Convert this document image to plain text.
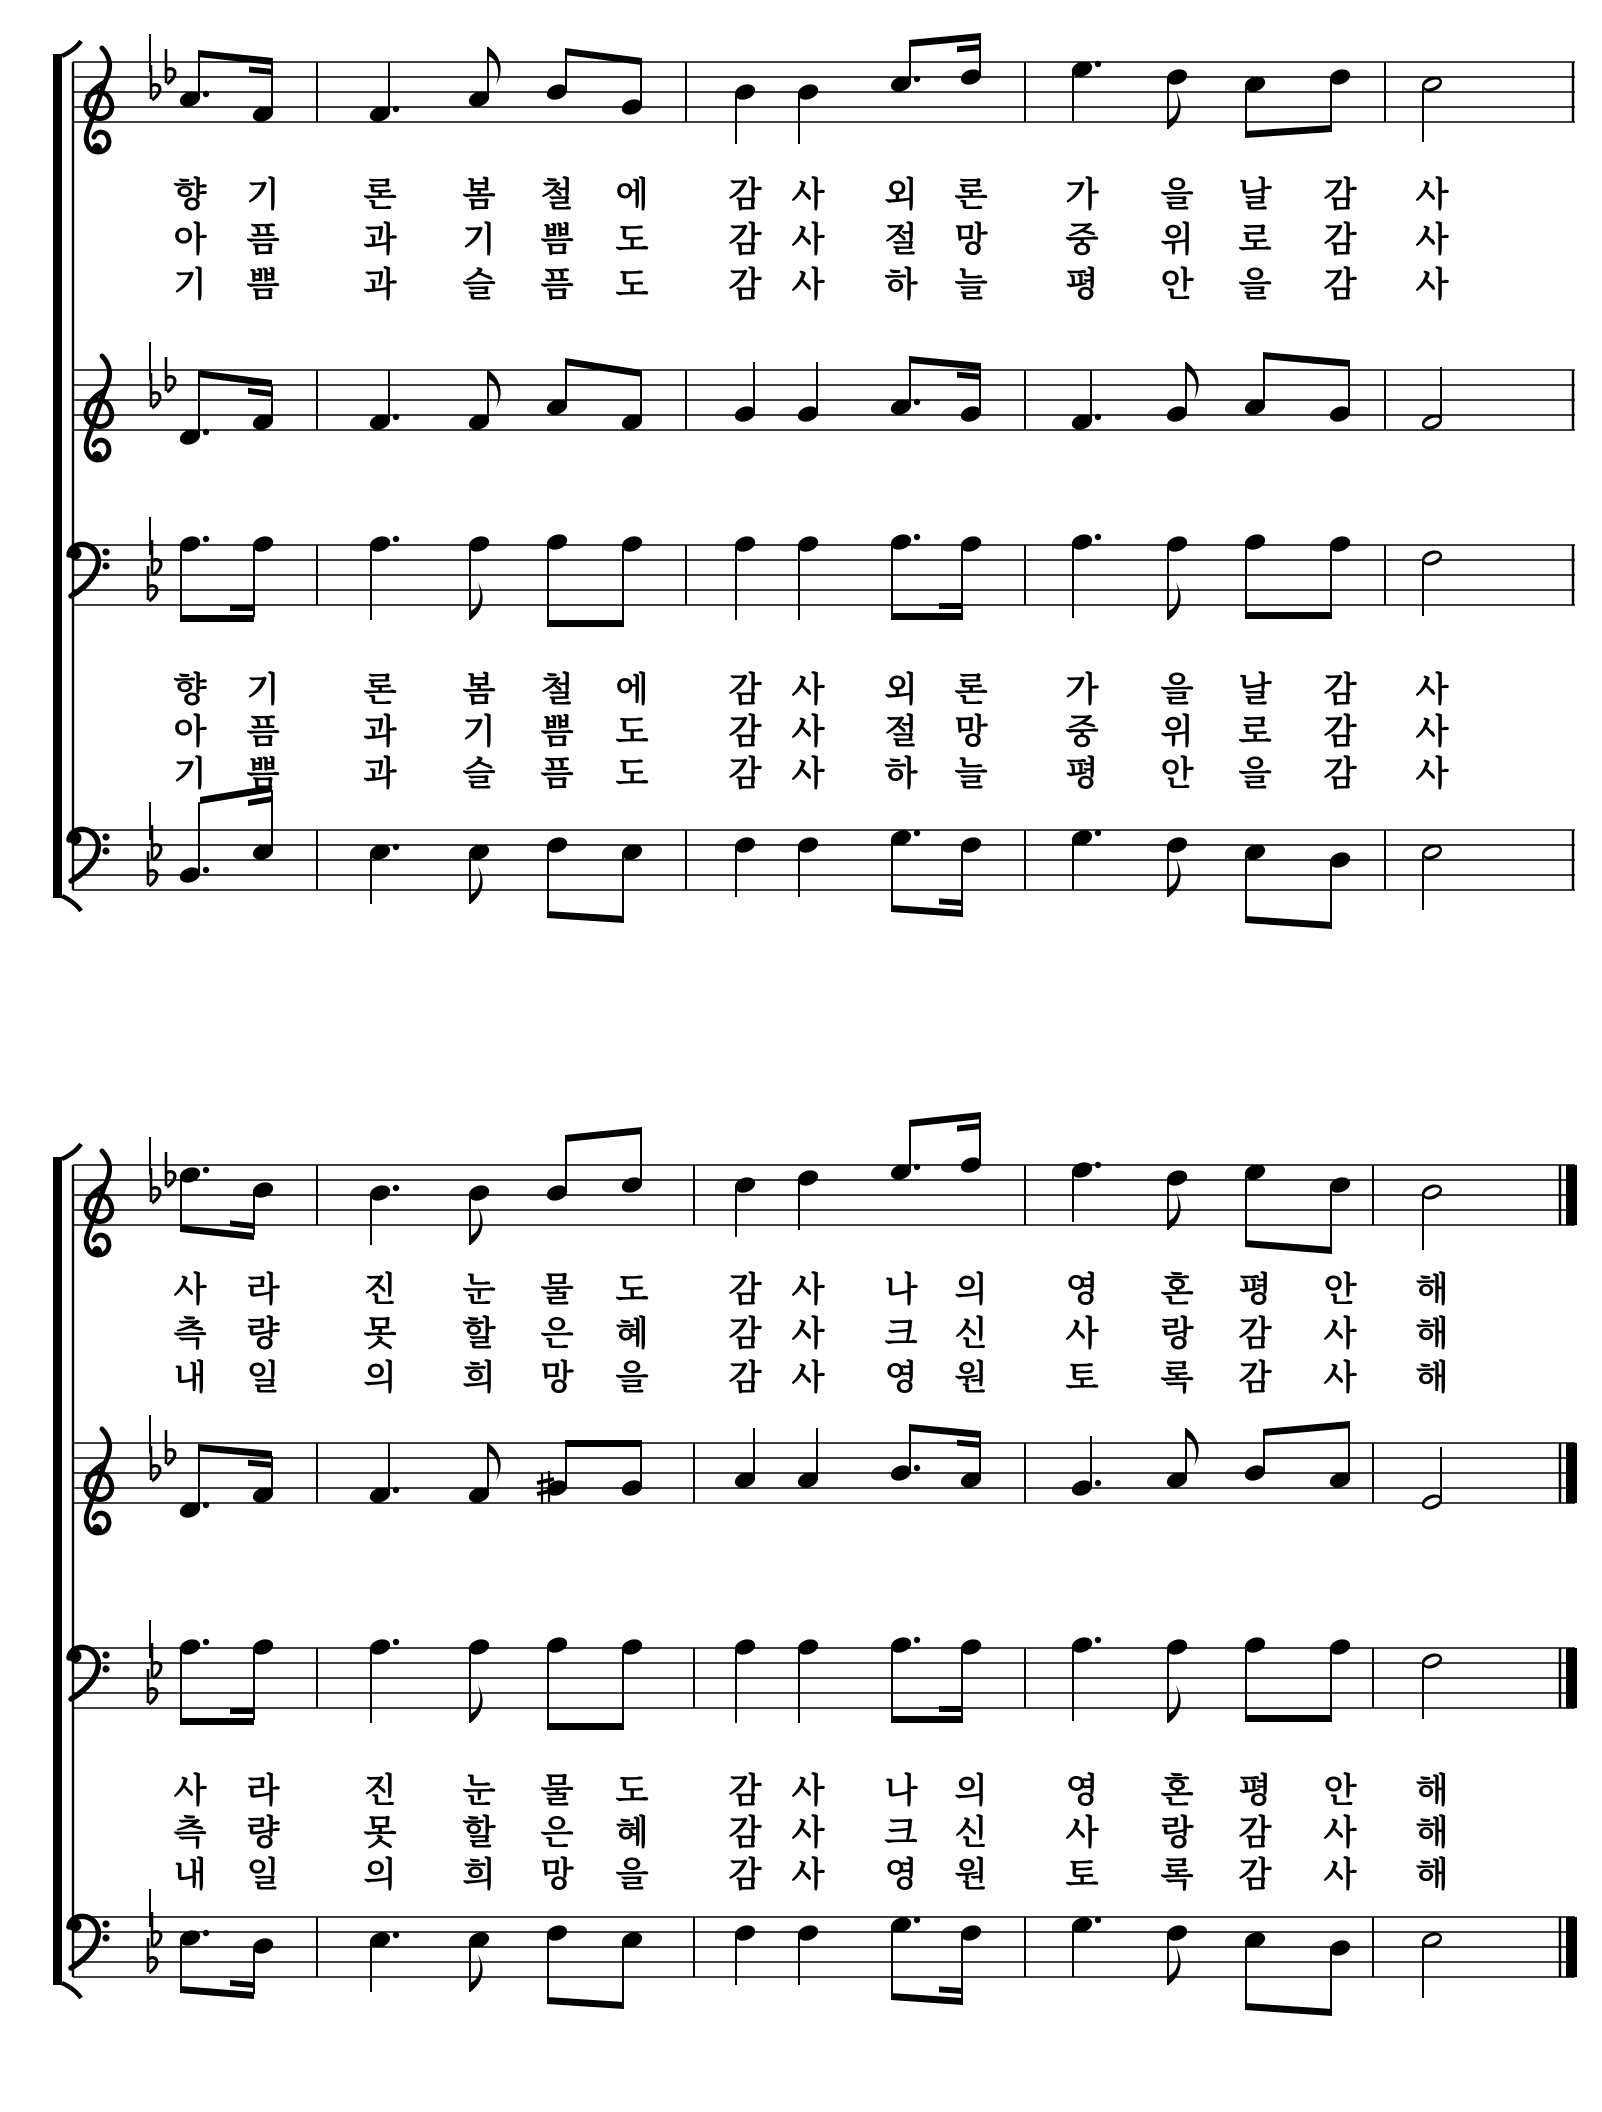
향 기 론 봄 철 에 감 사 외 론 가 을 날 감 사
아 픔 과 기 쁨 도 감 사 절 망 중 위 로 감 사
기 쁨 과 슬 픔 도 감 사 하 늘 평 안 을 감 사
향 기 론 봄 철 에 감 사 외 론 가 을 날 감 사
아 픔 과 기 쁨 도 감 사 절 망 중 위 로 감 사
기 쁨 과 슬 픔 도 감 사 하 늘 평 안 을 감 사
사 라 진 눈 물 도 감 사 나 의 영 혼 평 안 해
측 량 못 할 은 혜 감 사 크 신 사 랑 감 사 해
내 일 의 희 망 을 감 사 영 원 토 록 감 사 해
사 라 진 눈 물 도 감 사 나 의 영 혼 평 안 해
측 량 못 할 은 혜 감 사 크 신 사 랑 감 사 해
내 일 의 희 망 을 감 사 영 원 토 록 감 사 해
